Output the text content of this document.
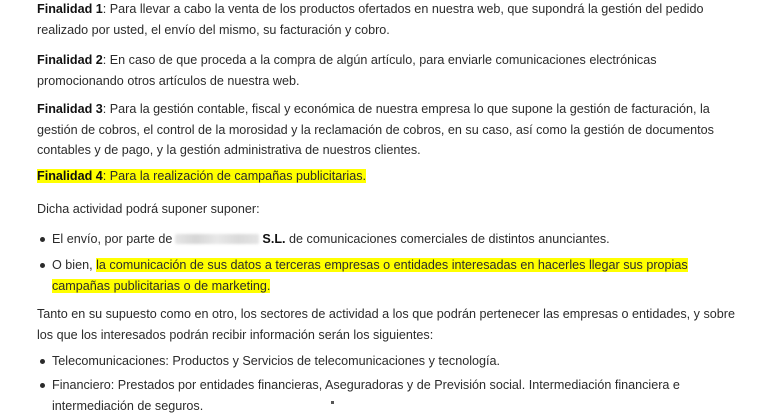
Finalidad 1: Para llevar a cabo la venta de los productos ofertados en nuestra web, que supondrá la gestión del pedido realizado por usted, el envío del mismo, su facturación y cobro.

Finalidad 2: En caso de que proceda a la compra de algún artículo, para enviarle comunicaciones electrónicas promocionando otros artículos de nuestra web.

Finalidad 3: Para la gestión contable, fiscal y económica de nuestra empresa lo que supone la gestión de facturación, la gestión de cobros, el control de la morosidad y la reclamación de cobros, en su caso, así como la gestión de documentos contables y de pago, y la gestión administrativa de nuestros clientes.

Finalidad 4: Para la realización de campañas publicitarias.

Dicha actividad podrá suponer suponer:

El envío, por parte de	S.L. de comunicaciones comerciales de distintos anunciantes.
O bien, la comunicación de sus datos a terceras empresas o entidades interesadas en hacerles llegar sus propias campañas publicitarias o de marketing.

Tanto en su supuesto como en otro, los sectores de actividad a los que podrán pertenecer las empresas o entidades, y sobre los que los interesados podrán recibir información serán los siguientes:

Telecomunicaciones: Productos y Servicios de telecomunicaciones y tecnología.
Financiero: Prestados por entidades financieras, Aseguradoras y de Previsión social. Intermediación financiera e intermediación de seguros.
